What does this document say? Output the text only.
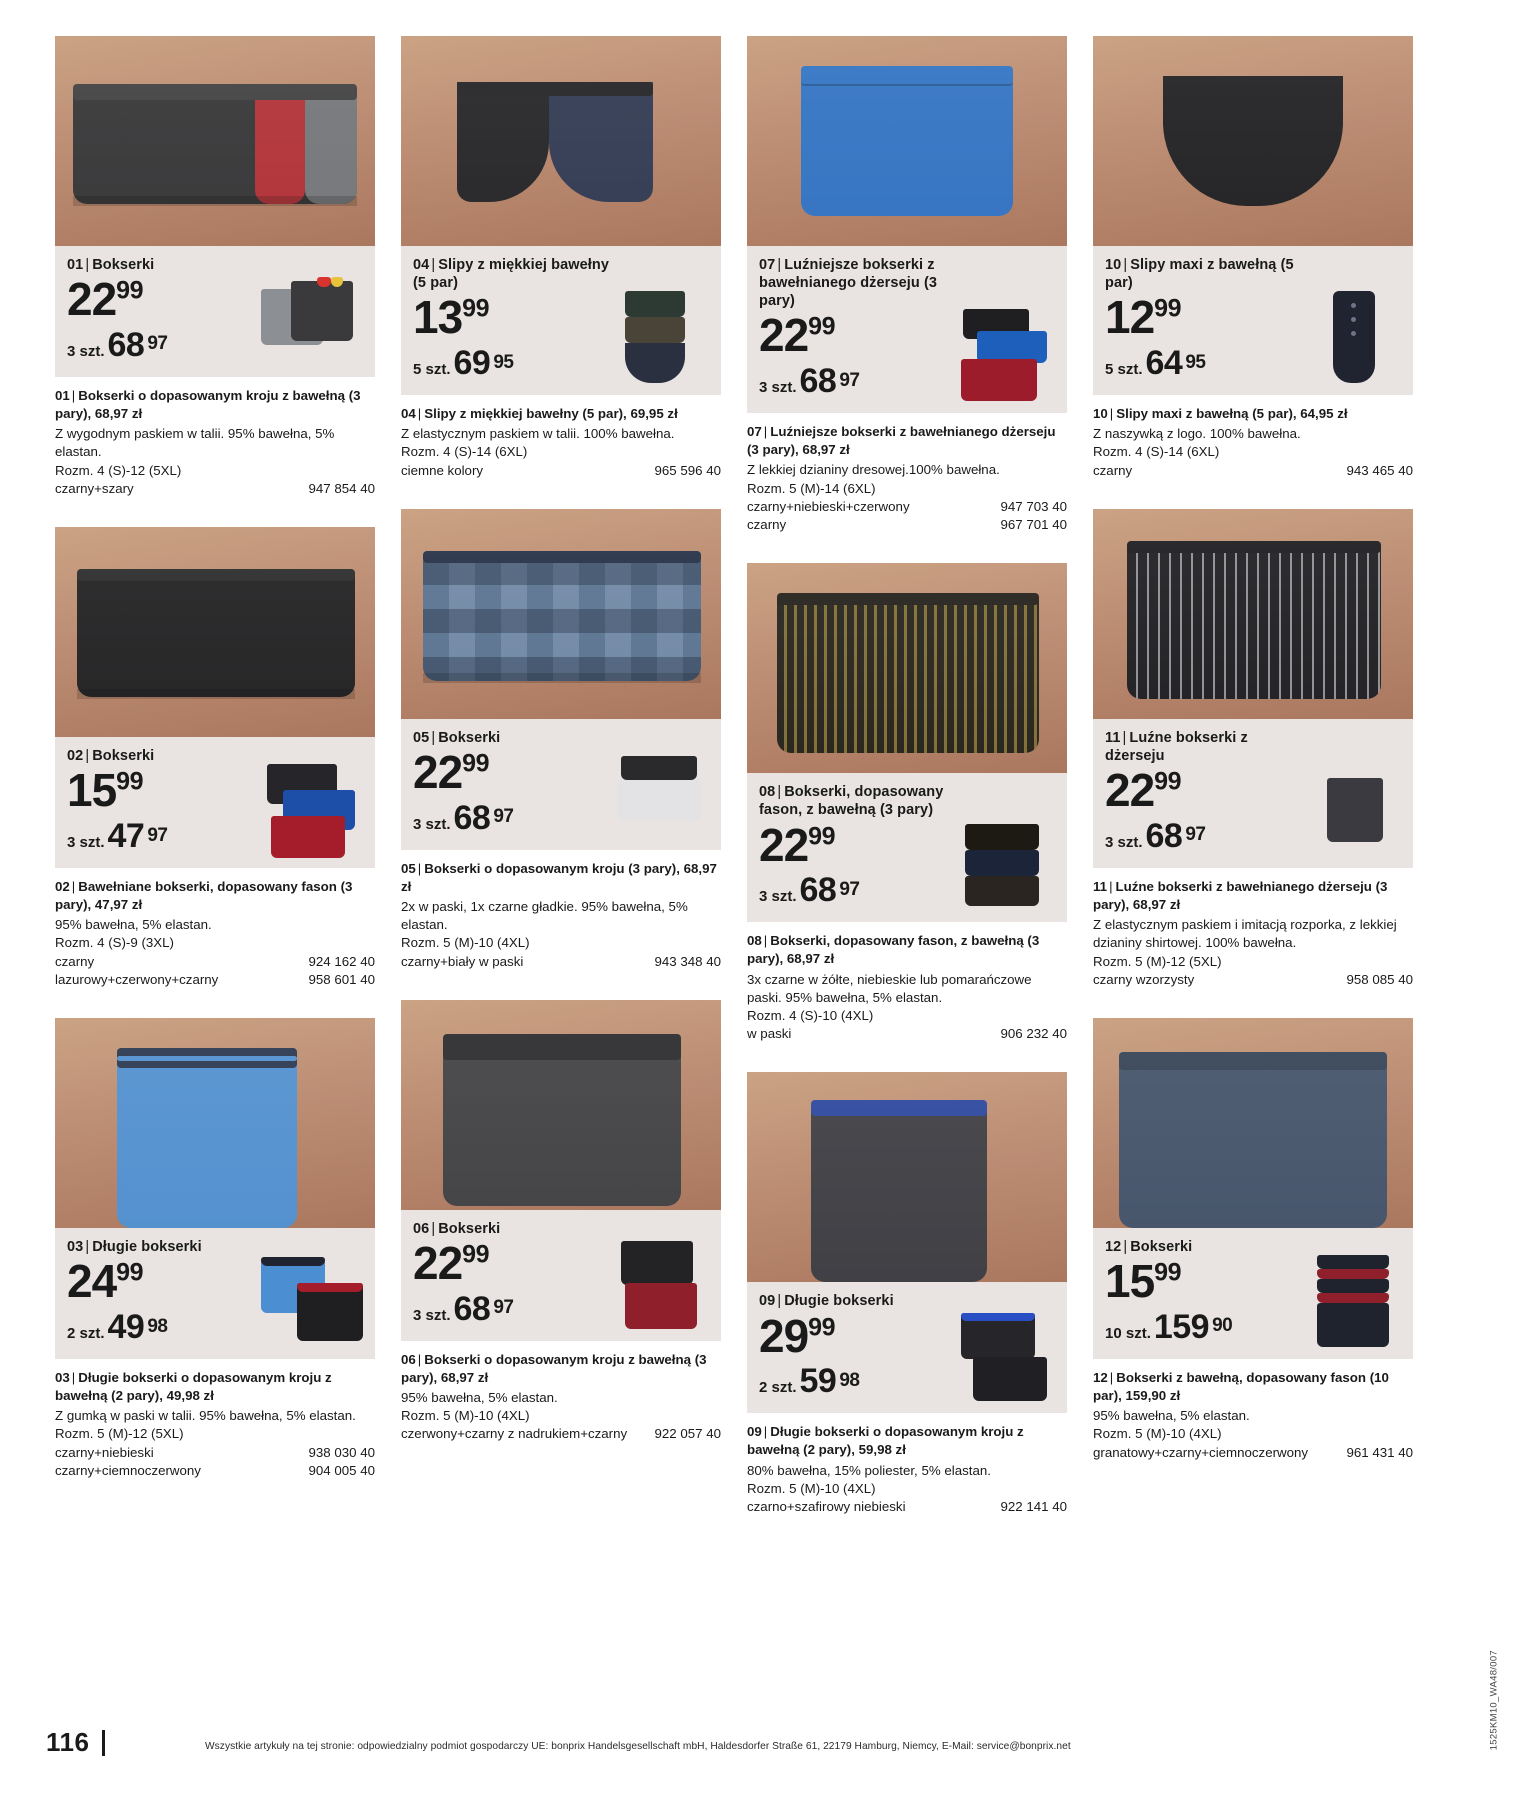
01 | Bokserki
$22^{99}$
3 szt.68 $^{97}$
01 | Bokserki o dopasowanym kroju z bawełną (3 pary), 68,97 zł

Z wygodnym paskiem w talii. 95% bawełna, 5% elastan.

Rozm. 4 (S)-12 (5XL)

czarny+szary	947 854 40
02 | Bokserki
$15^{99}$
3 szt.47 $^{97}$
02 | Bawełniane bokserki, dopasowany fason (3 pary), 47,97 zł

95% bawełna, 5% elastan.

Rozm. 4 (S)-9 (3XL)

czarny	924 162 40
lazurowy+czerwony+czarny	958 601 40
03 | Długie bokserki
$24^{99}$
2 szt.49 $^{98}$
03 | Długie bokserki o dopasowanym kroju z bawełną (2 pary), 49,98 zł

Z gumką w paski w talii. 95% bawełna, 5% elastan.

Rozm. 5 (M)-12 (5XL)

czarny+niebieski	938 030 40
czarny+ciemnoczerwony	904 005 40
04 | Slipy z miękkiej bawełny (5 par)
$13^{99}$
5 szt.69 $^{95}$
04 | Slipy z miękkiej bawełny (5 par), 69,95 zł

Z elastycznym paskiem w talii. 100% bawełna.

Rozm. 4 (S)-14 (6XL)

ciemne kolory	965 596 40
05 | Bokserki
$22^{99}$
3 szt.68 $^{97}$
05 | Bokserki o dopasowanym kroju (3 pary), 68,97 zł

2x w paski, 1x czarne gładkie. 95% bawełna, 5% elastan.

Rozm. 5 (M)-10 (4XL)

czarny+biały w paski	943 348 40
06 | Bokserki
$22^{99}$
3 szt.68 $^{97}$
06 | Bokserki o dopasowanym kroju z bawełną (3 pary), 68,97 zł

95% bawełna, 5% elastan.

Rozm. 5 (M)-10 (4XL)

czerwony+czarny z nadrukiem+czarny	922 057 40
07 | Luźniejsze bokserki z bawełnianego dżerseju (3 pary)
$22^{99}$
3 szt.68 $^{97}$
07 | Luźniejsze bokserki z bawełnianego dżerseju (3 pary), 68,97 zł

Z lekkiej dzianiny dresowej.100% bawełna.

Rozm. 5 (M)-14 (6XL)

czarny+niebieski+czerwony	947 703 40
czarny	967 701 40
08 | Bokserki, dopasowany fason, z bawełną (3 pary)
$22^{99}$
3 szt.68 $^{97}$
08 | Bokserki, dopasowany fason, z bawełną (3 pary), 68,97 zł

3x czarne w żółte, niebieskie lub pomarańczowe paski. 95% bawełna, 5% elastan.

Rozm. 4 (S)-10 (4XL)

w paski	906 232 40
09 | Długie bokserki
$29^{99}$
2 szt.59 $^{98}$
09 | Długie bokserki o dopasowanym kroju z bawełną (2 pary), 59,98 zł

80% bawełna, 15% poliester, 5% elastan.

Rozm. 5 (M)-10 (4XL)

czarno+szafirowy niebieski	922 141 40
10 | Slipy maxi z bawełną (5 par)
$12^{99}$
5 szt.64 $^{95}$
10 | Slipy maxi z bawełną (5 par), 64,95 zł

Z naszywką z logo. 100% bawełna.

Rozm. 4 (S)-14 (6XL)

czarny	943 465 40
11 | Luźne bokserki z dżerseju
$22^{99}$
3 szt.68 $^{97}$
11 | Luźne bokserki z bawełnianego dżerseju (3 pary), 68,97 zł

Z elastycznym paskiem i imitacją rozporka, z lekkiej dzianiny shirtowej. 100% bawełna.

Rozm. 5 (M)-12 (5XL)

czarny wzorzysty	958 085 40
12 | Bokserki
$15^{99}$
10 szt.159 $^{90}$
12 | Bokserki z bawełną, dopasowany fason (10 par), 159,90 zł

95% bawełna, 5% elastan.

Rozm. 5 (M)-10 (4XL)

granatowy+czarny+ciemnoczerwony	961 431 40
116	Wszystkie artykuły na tej stronie: odpowiedzialny podmiot gospodarczy UE: bonprix Handelsgesellschaft mbH, Haldesdorfer Straße 61, 22179 Hamburg, Niemcy, E-Mail: service@bonprix.net	1525KM10_WA48/007
